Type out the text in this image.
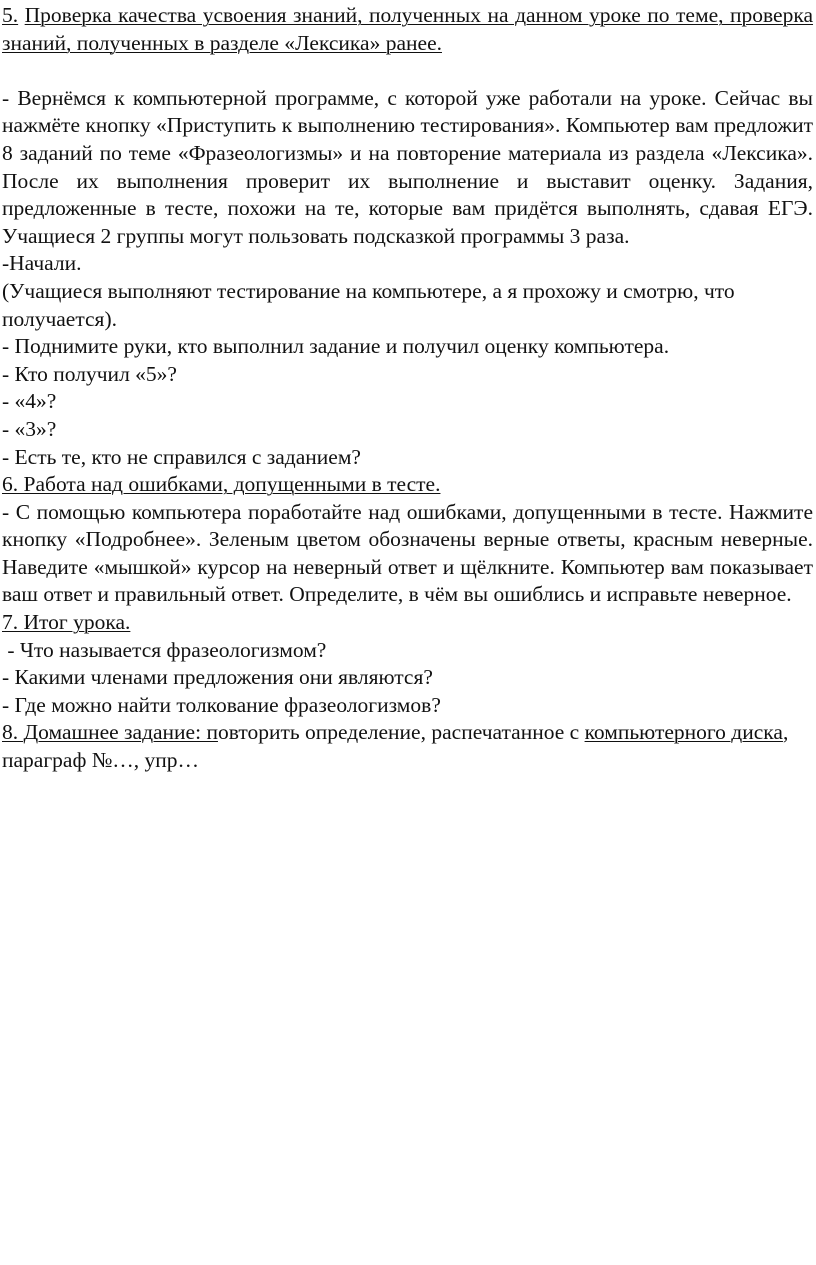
5. Проверка качества усвоения знаний, полученных на данном уроке по теме, проверка знаний, полученных в разделе «Лексика» ранее.

- Вернёмся к компьютерной программе, с которой уже работали на уроке. Сейчас вы нажмёте кнопку «Приступить к выполнению тестирования». Компьютер вам предложит 8 заданий по теме «Фразеологизмы» и на повторение материала из раздела «Лексика». После их выполнения проверит их выполнение и выставит оценку. Задания, предложенные в тесте, похожи на те, которые вам придётся выполнять, сдавая ЕГЭ. Учащиеся 2 группы могут пользовать подсказкой программы 3 раза.

-Начали.

(Учащиеся выполняют тестирование на компьютере, а я прохожу и смотрю, что получается).

- Поднимите руки, кто выполнил задание и получил оценку компьютера.

- Кто получил «5»?

- «4»?

- «3»?

- Есть те, кто не справился с заданием?

6. Работа над ошибками, допущенными в тесте.

- С помощью компьютера поработайте над ошибками, допущенными в тесте. Нажмите кнопку «Подробнее». Зеленым цветом обозначены верные ответы, красным неверные. Наведите «мышкой» курсор на неверный ответ и щёлкните. Компьютер вам показывает ваш ответ и правильный ответ. Определите, в чём вы ошиблись и исправьте неверное.

7. Итог урока.

- Что называется фразеологизмом?

- Какими членами предложения они являются?

- Где можно найти толкование фразеологизмов?

8. Домашнее задание: повторить определение, распечатанное с компьютерного диска, параграф №…, упр…
